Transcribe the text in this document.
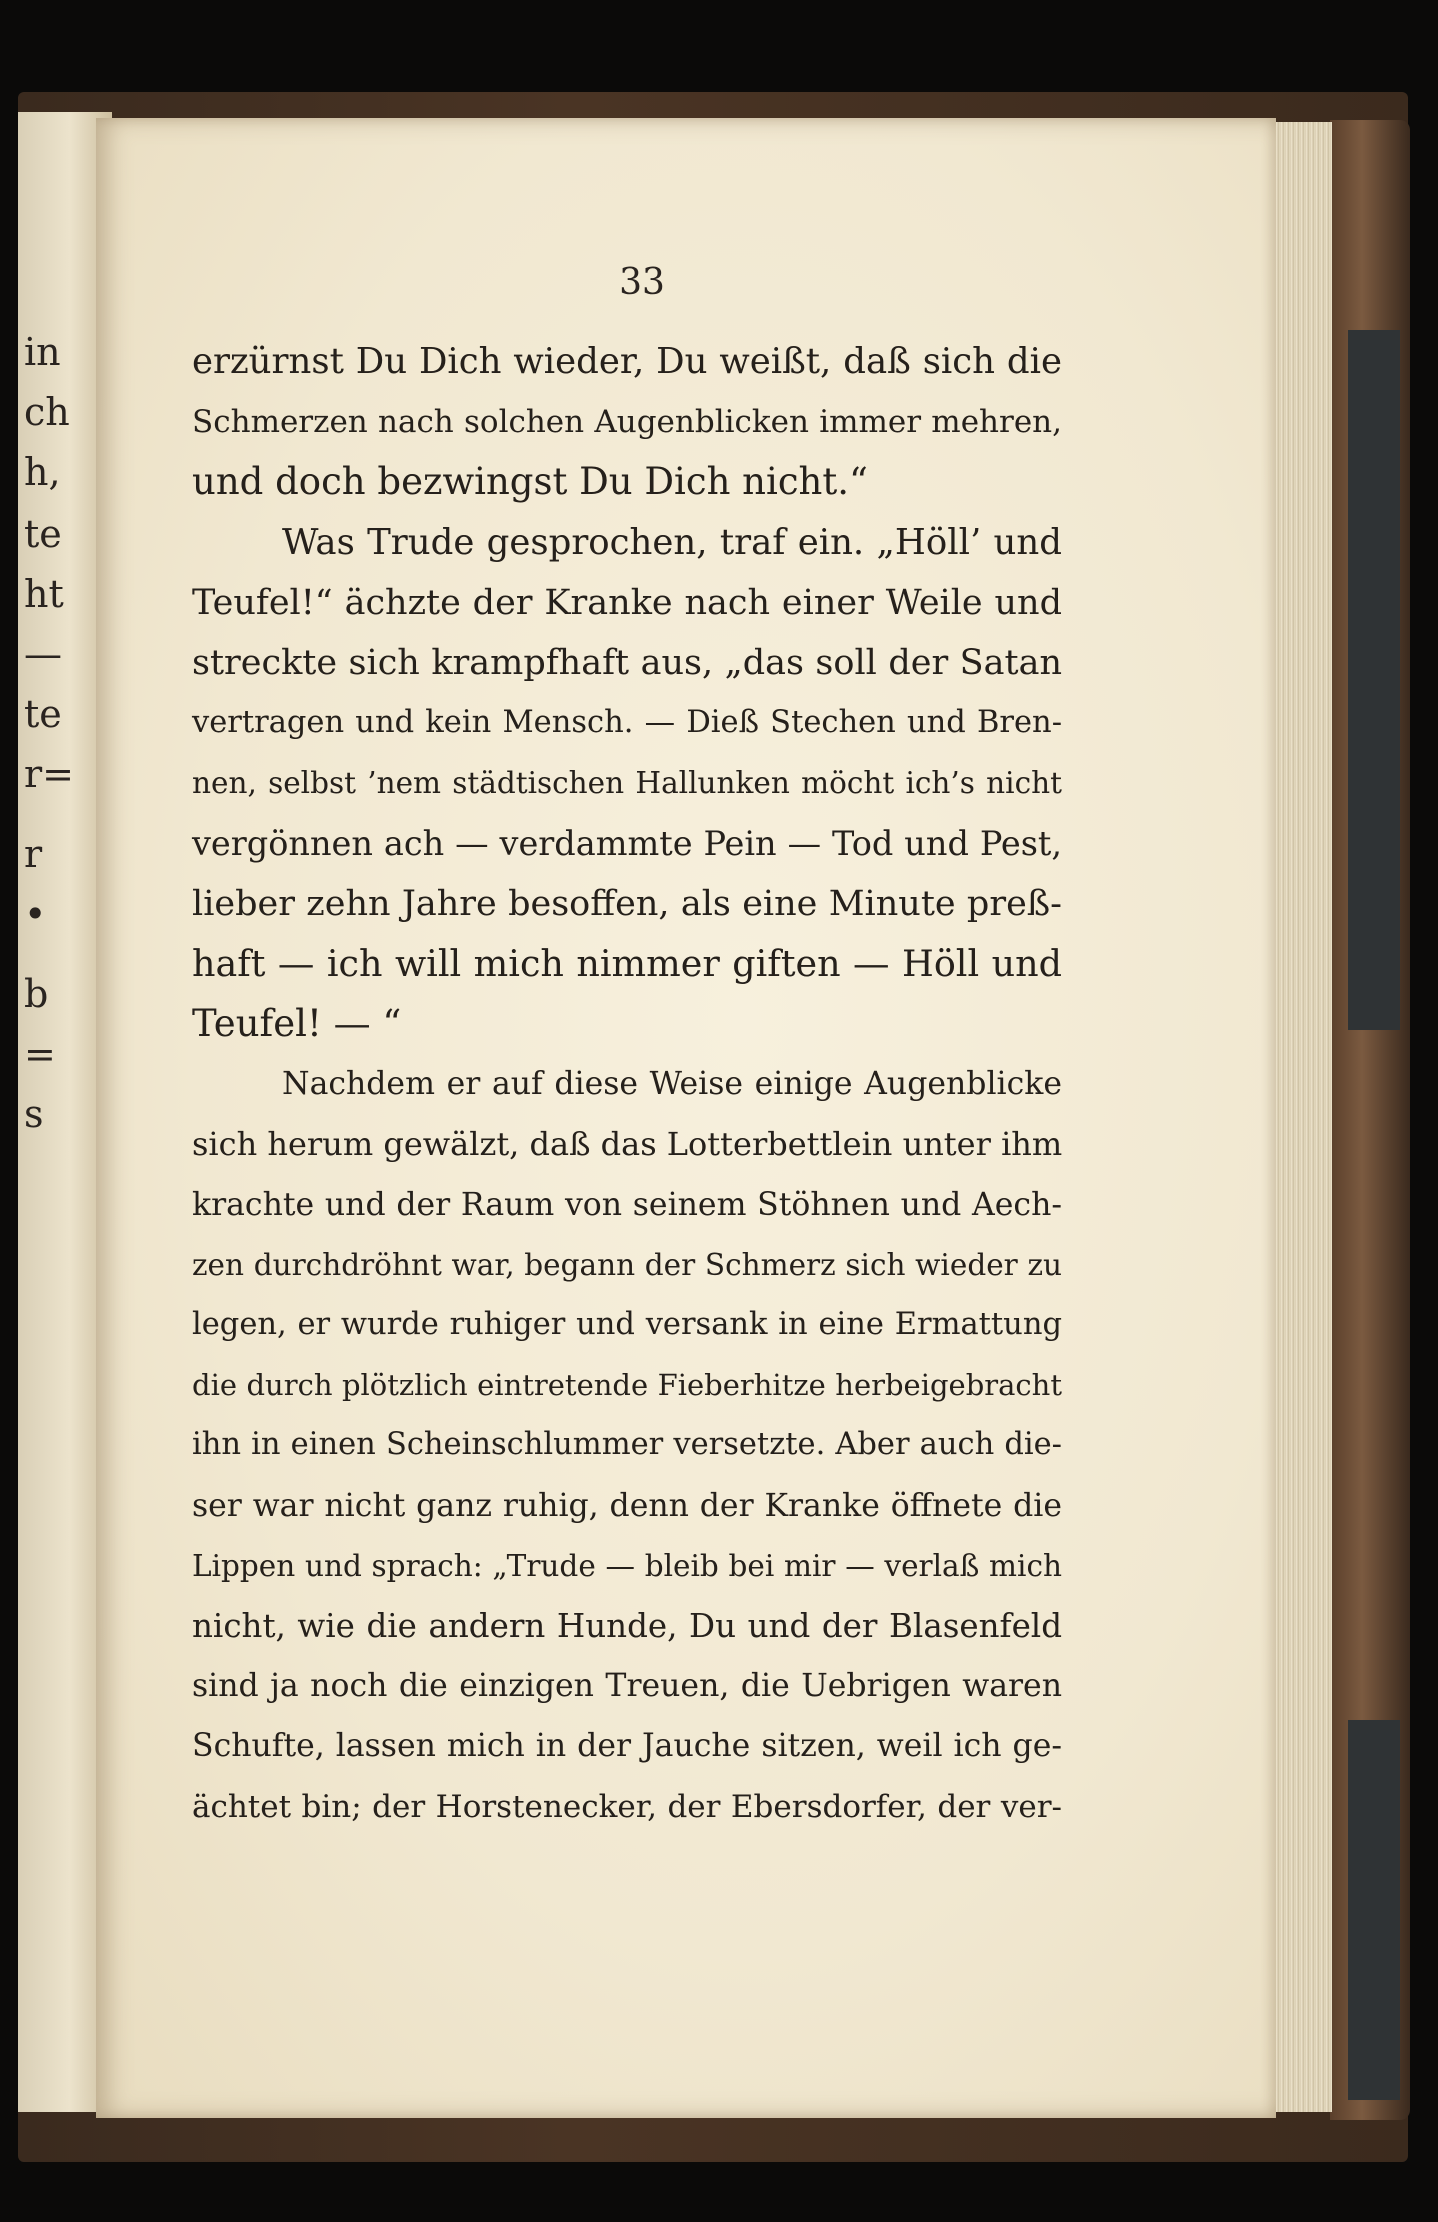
in
ch
h,
te
ht
—
te
r=
r
•
b
=
s
33
erzürnst Du Dich wieder, Du weißt, daß sich die
Schmerzen nach solchen Augenblicken immer mehren,
und doch bezwingst Du Dich nicht.“
Was Trude gesprochen, traf ein. „Höll’ und
Teufel!“ ächzte der Kranke nach einer Weile und
streckte sich krampfhaft aus, „das soll der Satan
vertragen und kein Mensch. — Dieß Stechen und Bren-
nen, selbst ’nem städtischen Hallunken möcht ich’s nicht
vergönnen ach — verdammte Pein — Tod und Pest,
lieber zehn Jahre besoffen, als eine Minute preß-
haft — ich will mich nimmer giften — Höll und
Teufel! — “
Nachdem er auf diese Weise einige Augenblicke
sich herum gewälzt, daß das Lotterbettlein unter ihm
krachte und der Raum von seinem Stöhnen und Aech-
zen durchdröhnt war, begann der Schmerz sich wieder zu
legen, er wurde ruhiger und versank in eine Ermattung
die durch plötzlich eintretende Fieberhitze herbeigebracht
ihn in einen Scheinschlummer versetzte. Aber auch die-
ser war nicht ganz ruhig, denn der Kranke öffnete die
Lippen und sprach: „Trude — bleib bei mir — verlaß mich
nicht, wie die andern Hunde, Du und der Blasenfeld
sind ja noch die einzigen Treuen, die Uebrigen waren
Schufte, lassen mich in der Jauche sitzen, weil ich ge-
ächtet bin; der Horstenecker, der Ebersdorfer, der ver-
